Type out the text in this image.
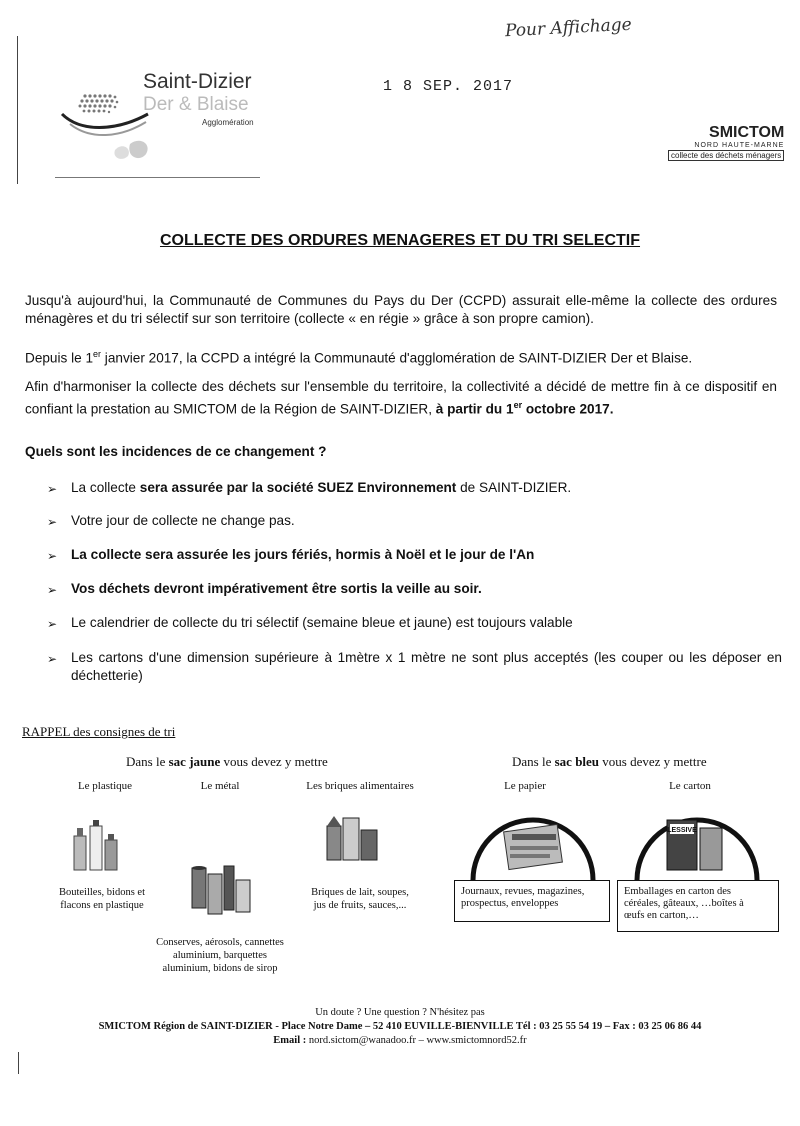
Pour Affichage
Saint-Dizier
Der & Blaise
Agglomération
1 8 SEP. 2017
SMICTOM
NORD HAUTE-MARNE
collecte des déchets ménagers
COLLECTE DES ORDURES MENAGERES ET DU TRI SELECTIF
Jusqu'à aujourd'hui, la Communauté de Communes du Pays du Der (CCPD) assurait elle-même la collecte des ordures ménagères et du tri sélectif sur son territoire (collecte « en régie » grâce à son propre camion).
Depuis le 1er janvier 2017, la CCPD a intégré la Communauté d'agglomération de SAINT-DIZIER Der et Blaise.
Afin d'harmoniser la collecte des déchets sur l'ensemble du territoire, la collectivité a décidé de mettre fin à ce dispositif en confiant la prestation au SMICTOM de la Région de SAINT-DIZIER, à partir du 1er octobre 2017.
Quels sont les incidences de ce changement ?
➢	La collecte sera assurée par la société SUEZ Environnement de SAINT-DIZIER.
➢	Votre jour de collecte ne change pas.
➢	La collecte sera assurée les jours fériés, hormis à Noël et le jour de l'An
➢	Vos déchets devront impérativement être sortis la veille au soir.
➢	Le calendrier de collecte du tri sélectif (semaine bleue et jaune) est toujours valable
➢	Les cartons d'une dimension supérieure à 1mètre x 1 mètre ne sont plus acceptés (les couper ou les déposer en déchetterie)
RAPPEL des consignes de tri
Dans le sac jaune vous devez y mettre	Dans le sac bleu vous devez y mettre
Le plastique
Bouteilles, bidons et
flacons en plastique
Le métal
Conserves, aérosols, cannettes
aluminium, barquettes
aluminium, bidons de sirop
Les briques alimentaires
Briques de lait, soupes,
jus de fruits, sauces,...
Le papier
Journaux, revues, magazines,
prospectus, enveloppes
Le carton
LESSIVE
Emballages en carton des
céréales, gâteaux, …boîtes à
œufs en carton,…
Un doute ? Une question ? N'hésitez pas
SMICTOM Région de SAINT-DIZIER - Place Notre Dame – 52 410 EUVILLE-BIENVILLE Tél : 03 25 55 54 19 – Fax : 03 25 06 86 44
Email : nord.sictom@wanadoo.fr – www.smictomnord52.fr
